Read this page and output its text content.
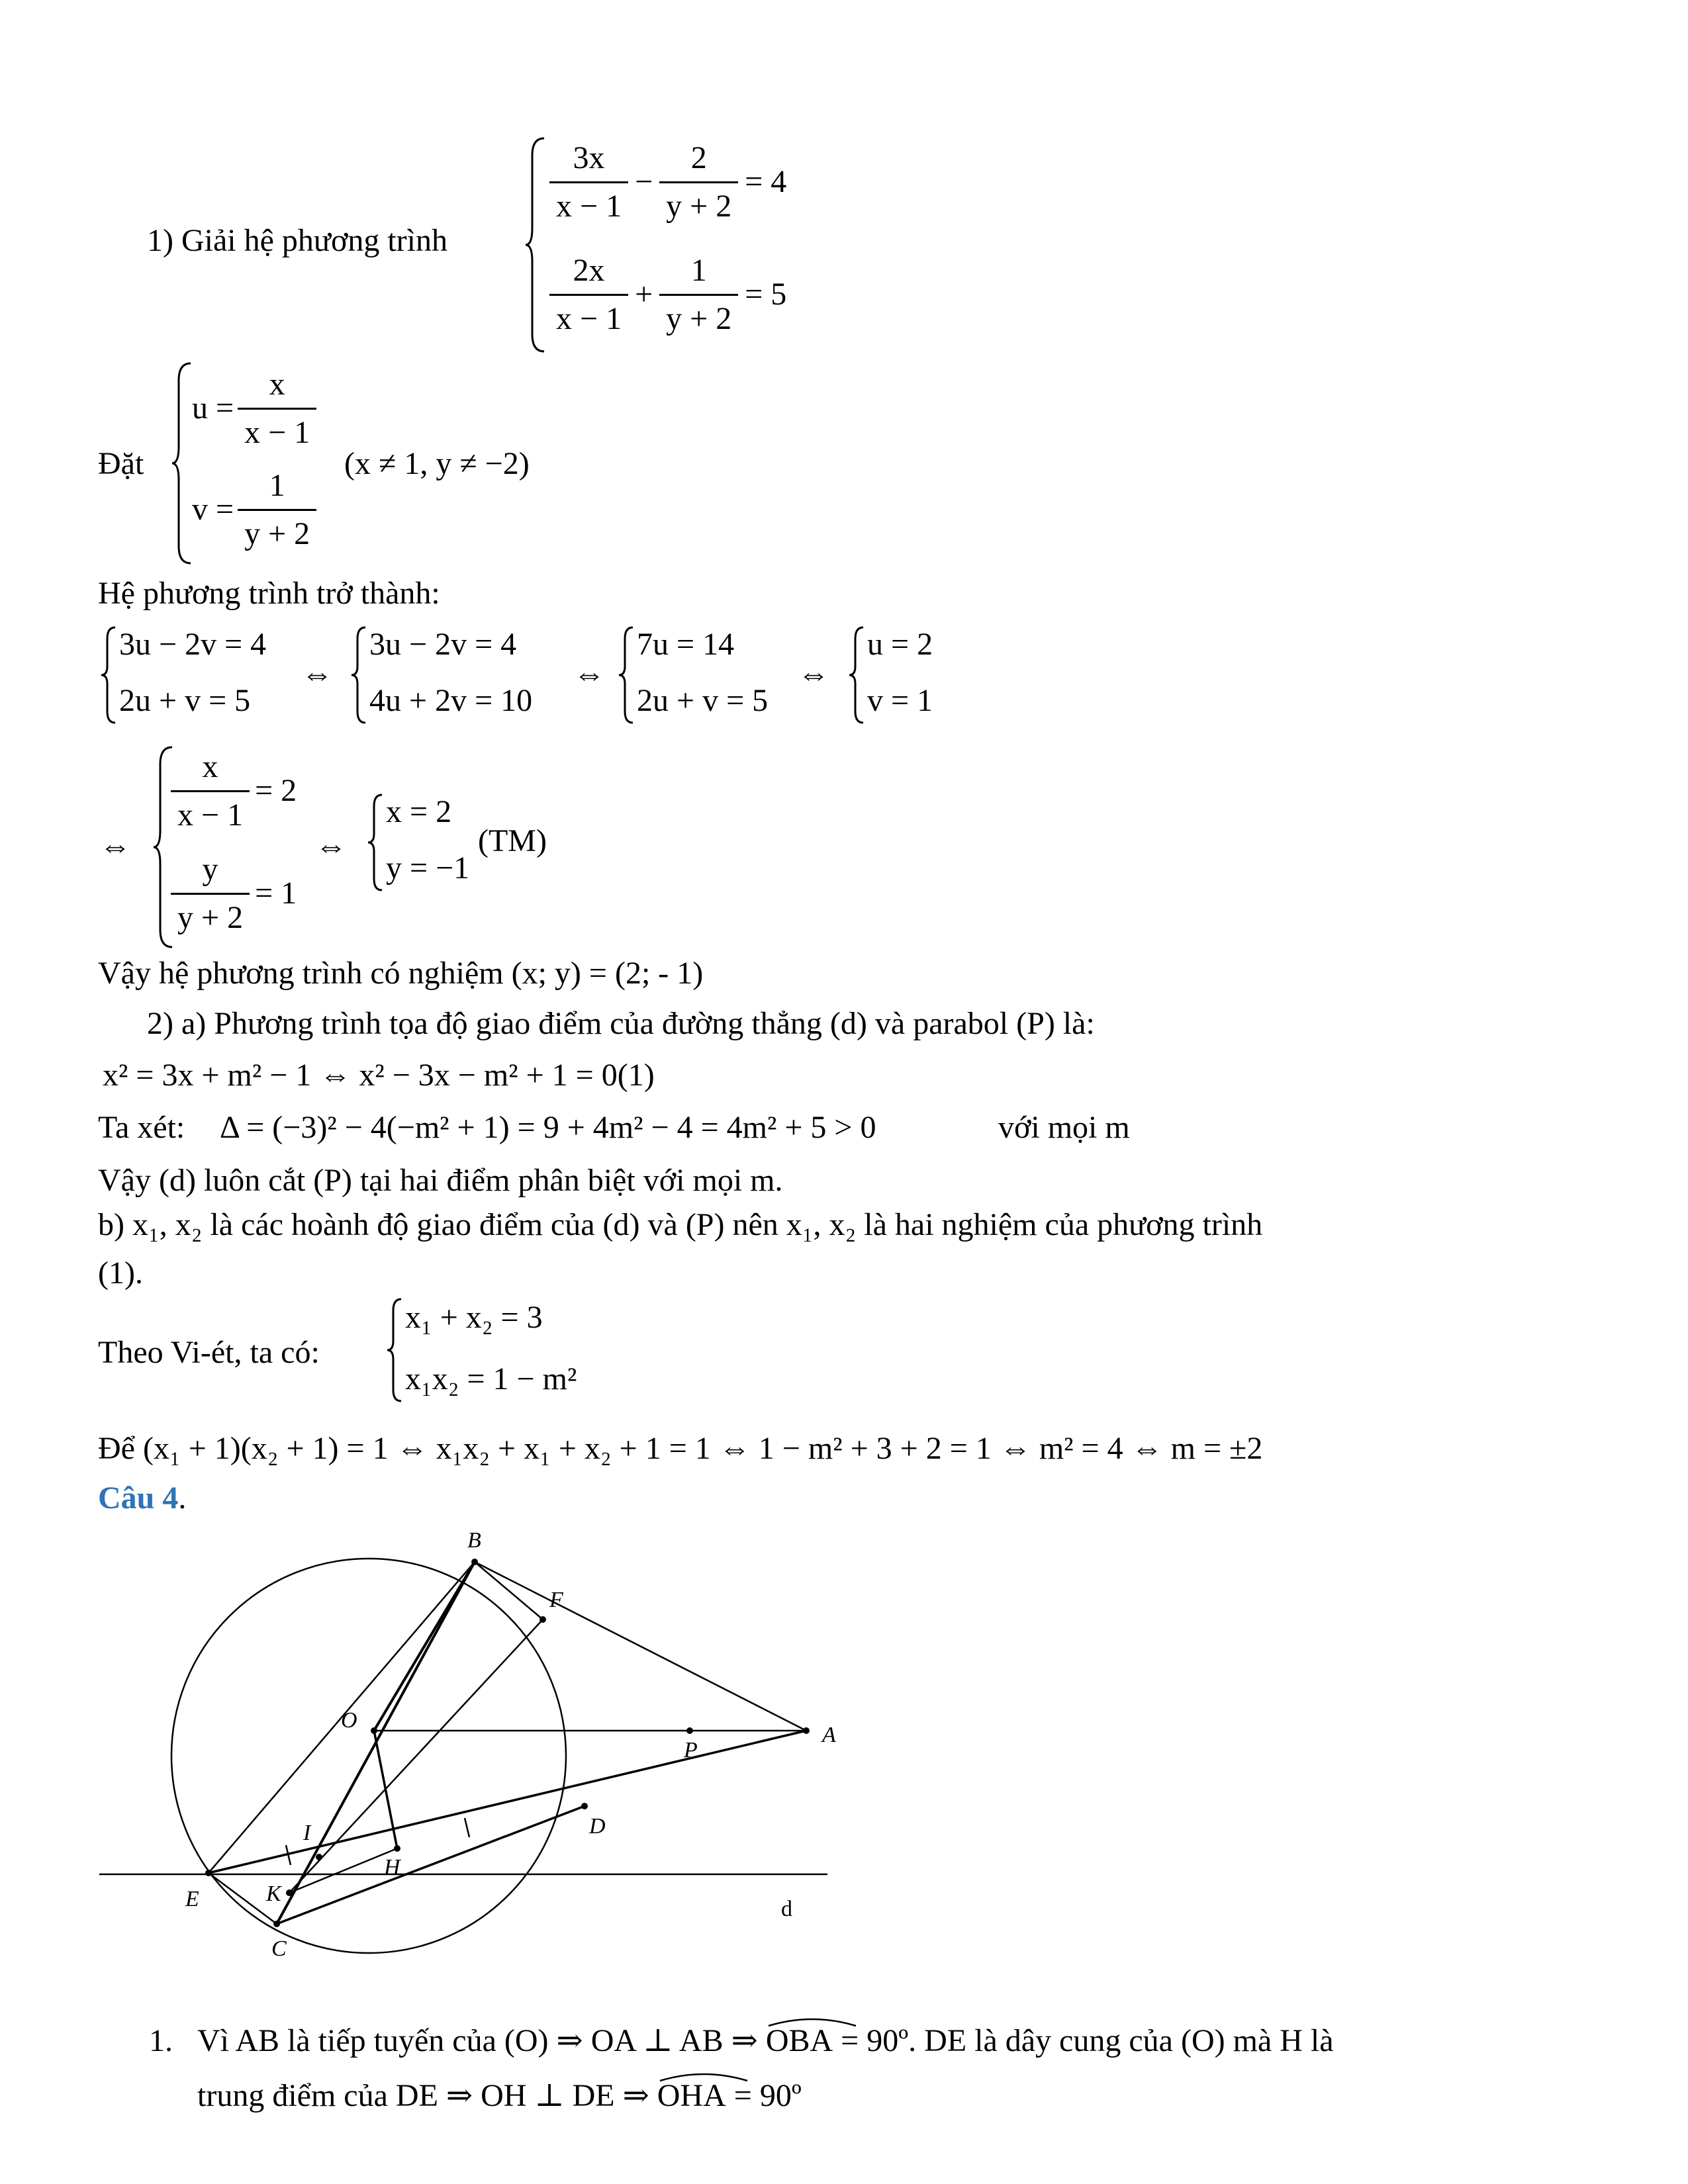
1) Giải hệ phương trình
$\frac{3x}{x - 1} - \frac{2}{y + 2} = 4$
$\frac{2x}{x - 1} + \frac{1}{y + 2} = 5$
Đặt
$u = \frac{x}{x - 1}$
$v = \frac{1}{y + 2}$
(x ≠ 1, y ≠ −2)
Hệ phương trình trở thành:
3u − 2v = 4
2u + v = 5
⇔
3u − 2v = 4
4u + 2v = 10
⇔
7u = 14
2u + v = 5
⇔
u = 2
v = 1
⇔
$\frac{x}{x - 1} = 2$
$\frac{y}{y + 2} = 1$
⇔
x = 2
y = −1
(TM)
Vậy hệ phương trình có nghiệm (x; y) = (2; - 1)
2) a) Phương trình tọa độ giao điểm của đường thẳng (d) và parabol (P) là:
x² = 3x + m² − 1 ⇔ x² − 3x − m² + 1 = 0(1)
Ta xét: Δ = (−3)² − 4(−m² + 1) = 9 + 4m² − 4 = 4m² + 5 > 0	với mọi m
Vậy (d) luôn cắt (P) tại hai điểm phân biệt với mọi m.
b) x₁, x₂ là các hoành độ giao điểm của (d) và (P) nên x₁, x₂ là hai nghiệm của phương trình
(1).
Theo Vi-ét, ta có:
x₁ + x₂ = 3
x₁x₂ = 1 − m²
Để (x₁ + 1)(x₂ + 1) = 1 ⇔ x₁x₂ + x₁ + x₂ + 1 = 1 ⇔ 1 − m² + 3 + 2 = 1 ⇔ m² = 4 ⇔ m = ±2
Câu 4.
B
F
O
A
P
I	D
H
E	K
C
d
1. Vì AB là tiếp tuyến của (O) ⇒ OA ⊥ AB ⇒ OBA = 90º. DE là dây cung của (O) mà H là
trung điểm của DE ⇒ OH ⊥ DE ⇒ OHA = 90º
